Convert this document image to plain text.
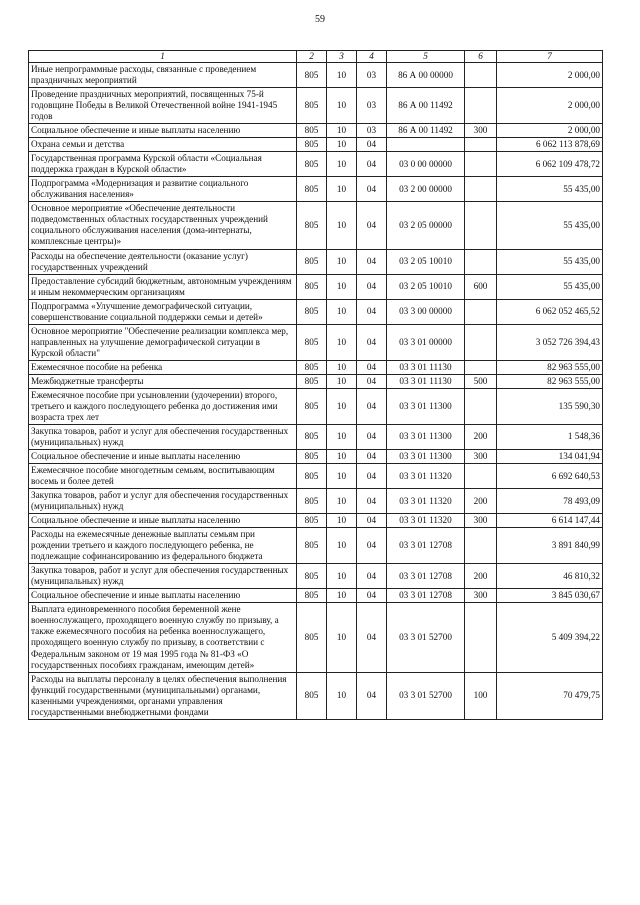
59
1	2	3	4	5	6	7
Иные непрограммные расходы, связанные с проведением праздничных мероприятий	805	10	03	86 А 00 00000		2 000,00
Проведение праздничных мероприятий, посвященных 75-й годовщине Победы в Великой Отечественной войне 1941-1945 годов	805	10	03	86 А 00 11492		2 000,00
Социальное обеспечение и иные выплаты населению	805	10	03	86 А 00 11492	300	2 000,00
Охрана семьи и детства	805	10	04			6 062 113 878,69
Государственная программа Курской области «Социальная поддержка граждан в Курской области»	805	10	04	03 0 00 00000		6 062 109 478,72
Подпрограмма «Модернизация и развитие социального обслуживания населения»	805	10	04	03 2 00 00000		55 435,00
Основное мероприятие «Обеспечение деятельности подведомственных областных государственных учреждений социального обслуживания населения (дома-интернаты, комплексные центры)»	805	10	04	03 2 05 00000		55 435,00
Расходы на обеспечение деятельности (оказание услуг) государственных учреждений	805	10	04	03 2 05 10010		55 435,00
Предоставление субсидий бюджетным, автономным учреждениям и иным некоммерческим организациям	805	10	04	03 2 05 10010	600	55 435,00
Подпрограмма «Улучшение демографической ситуации, совершенствование социальной поддержки семьи и детей»	805	10	04	03 3 00 00000		6 062 052 465,52
Основное мероприятие "Обеспечение реализации комплекса мер, направленных на улучшение демографической ситуации в Курской области"	805	10	04	03 3 01 00000		3 052 726 394,43
Ежемесячное пособие на ребенка	805	10	04	03 3 01 11130		82 963 555,00
Межбюджетные трансферты	805	10	04	03 3 01 11130	500	82 963 555,00
Ежемесячное пособие при усыновлении (удочерении) второго, третьего и каждого последующего ребенка до достижения ими возраста трех лет	805	10	04	03 3 01 11300		135 590,30
Закупка товаров, работ и услуг для обеспечения государственных (муниципальных) нужд	805	10	04	03 3 01 11300	200	1 548,36
Социальное обеспечение и иные выплаты населению	805	10	04	03 3 01 11300	300	134 041,94
Ежемесячное пособие многодетным семьям, воспитывающим восемь и более детей	805	10	04	03 3 01 11320		6 692 640,53
Закупка товаров, работ и услуг для обеспечения государственных (муниципальных) нужд	805	10	04	03 3 01 11320	200	78 493,09
Социальное обеспечение и иные выплаты населению	805	10	04	03 3 01 11320	300	6 614 147,44
Расходы на ежемесячные денежные выплаты семьям при рождении третьего и каждого последующего ребенка, не подлежащие софинансированию из федерального бюджета	805	10	04	03 3 01 12708		3 891 840,99
Закупка товаров, работ и услуг для обеспечения государственных (муниципальных) нужд	805	10	04	03 3 01 12708	200	46 810,32
Социальное обеспечение и иные выплаты населению	805	10	04	03 3 01 12708	300	3 845 030,67
Выплата единовременного пособия беременной жене военнослужащего, проходящего военную службу по призыву, а также ежемесячного пособия на ребенка военнослужащего, проходящего военную службу по призыву, в соответствии с Федеральным законом от 19 мая 1995 года № 81-ФЗ «О государственных пособиях гражданам, имеющим детей»	805	10	04	03 3 01 52700		5 409 394,22
Расходы на выплаты персоналу в целях обеспечения выполнения функций государственными (муниципальными) органами, казенными учреждениями, органами управления государственными внебюджетными фондами	805	10	04	03 3 01 52700	100	70 479,75
